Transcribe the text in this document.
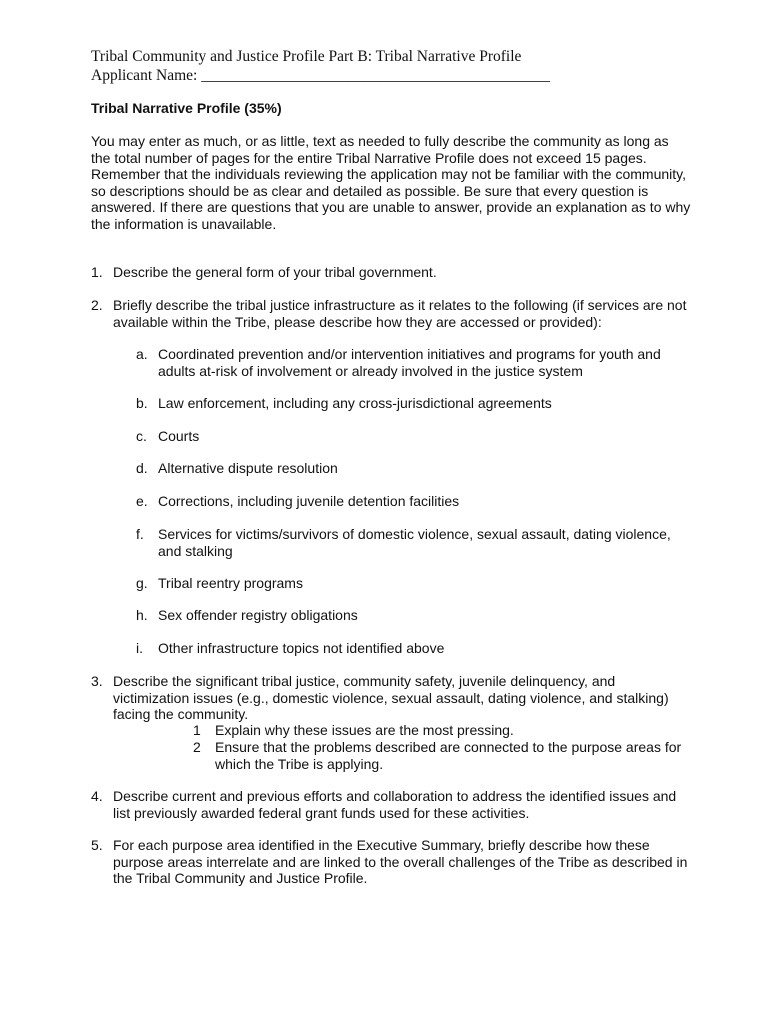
Tribal Community and Justice Profile Part B: Tribal Narrative Profile
Applicant Name: _____________________________________________
Tribal Narrative Profile (35%)
You may enter as much, or as little, text as needed to fully describe the community as long as the total number of pages for the entire Tribal Narrative Profile does not exceed 15 pages. Remember that the individuals reviewing the application may not be familiar with the community, so descriptions should be as clear and detailed as possible. Be sure that every question is answered. If there are questions that you are unable to answer, provide an explanation as to why the information is unavailable.
1. Describe the general form of your tribal government.
2. Briefly describe the tribal justice infrastructure as it relates to the following (if services are not available within the Tribe, please describe how they are accessed or provided):
a. Coordinated prevention and/or intervention initiatives and programs for youth and adults at-risk of involvement or already involved in the justice system
b. Law enforcement, including any cross-jurisdictional agreements
c. Courts
d. Alternative dispute resolution
e. Corrections, including juvenile detention facilities
f. Services for victims/survivors of domestic violence, sexual assault, dating violence, and stalking
g. Tribal reentry programs
h. Sex offender registry obligations
i. Other infrastructure topics not identified above
3. Describe the significant tribal justice, community safety, juvenile delinquency, and victimization issues (e.g., domestic violence, sexual assault, dating violence, and stalking) facing the community.
1 Explain why these issues are the most pressing.
2 Ensure that the problems described are connected to the purpose areas for which the Tribe is applying.
4. Describe current and previous efforts and collaboration to address the identified issues and list previously awarded federal grant funds used for these activities.
5. For each purpose area identified in the Executive Summary, briefly describe how these purpose areas interrelate and are linked to the overall challenges of the Tribe as described in the Tribal Community and Justice Profile.
